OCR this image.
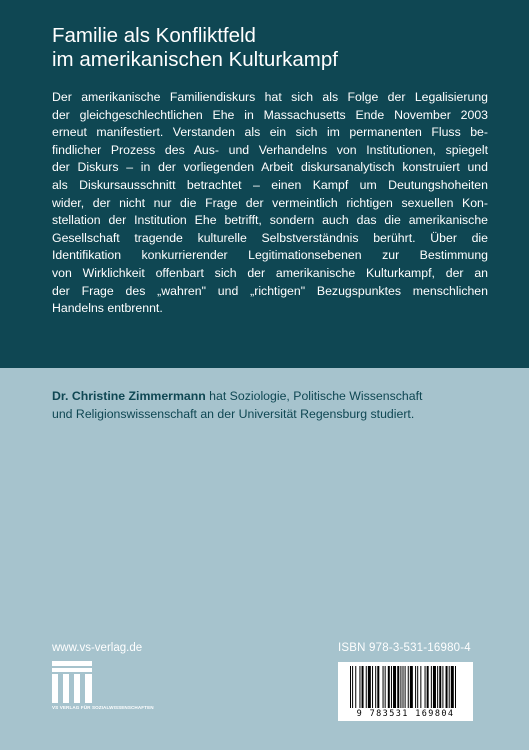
Familie als Konfliktfeld
im amerikanischen Kulturkampf

Der amerikanische Familiendiskurs hat sich als Folge der Legalisierung
der gleichgeschlechtlichen Ehe in Massachusetts Ende November 2003
erneut manifestiert. Verstanden als ein sich im permanenten Fluss be-
findlicher Prozess des Aus- und Verhandelns von Institutionen, spiegelt
der Diskurs – in der vorliegenden Arbeit diskursanalytisch konstruiert und
als Diskursausschnitt betrachtet – einen Kampf um Deutungshoheiten
wider, der nicht nur die Frage der vermeintlich richtigen sexuellen Kon-
stellation der Institution Ehe betrifft, sondern auch das die amerikanische
Gesellschaft tragende kulturelle Selbstverständnis berührt. Über die
Identifikation konkurrierender Legitimationsebenen zur Bestimmung
von Wirklichkeit offenbart sich der amerikanische Kulturkampf, der an
der Frage des „wahren" und „richtigen" Bezugspunktes menschlichen
Handelns entbrennt.

Dr. Christine Zimmermann hat Soziologie, Politische Wissenschaft
und Religionswissenschaft an der Universität Regensburg studiert.

www.vs-verlag.de	ISBN 978-3-531-16980-4
VS VERLAG FÜR SOZIALWISSENSCHAFTEN
9 783531 169804
